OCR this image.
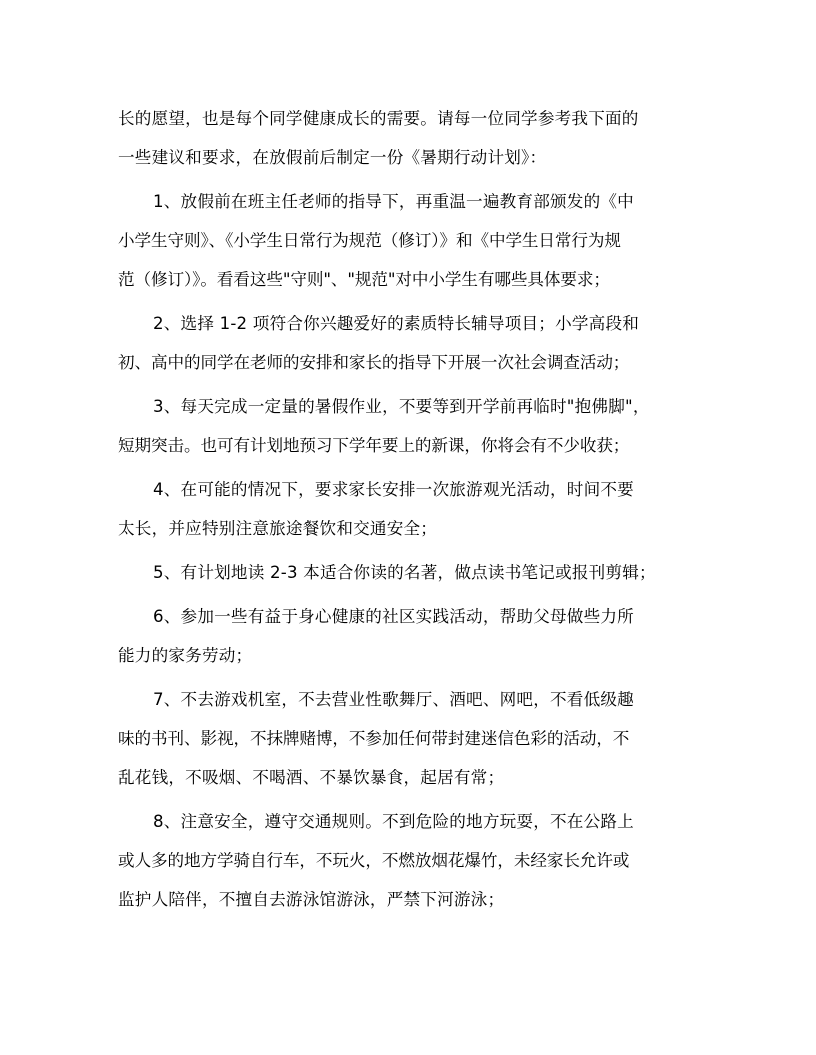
长的愿望，也是每个同学健康成长的需要。请每一位同学参考我下面的
一些建议和要求，在放假前后制定一份《暑期行动计划》：
1、放假前在班主任老师的指导下，再重温一遍教育部颁发的《中
小学生守则》、《小学生日常行为规范（修订）》和《中学生日常行为规
范（修订）》。看看这些"守则"、"规范"对中小学生有哪些具体要求；
2、选择 1-2 项符合你兴趣爱好的素质特长辅导项目；小学高段和
初、高中的同学在老师的安排和家长的指导下开展一次社会调查活动；
3、每天完成一定量的暑假作业，不要等到开学前再临时"抱佛脚"，
短期突击。也可有计划地预习下学年要上的新课，你将会有不少收获；
4、在可能的情况下，要求家长安排一次旅游观光活动，时间不要
太长，并应特别注意旅途餐饮和交通安全；
5、有计划地读 2-3 本适合你读的名著，做点读书笔记或报刊剪辑；
6、参加一些有益于身心健康的社区实践活动，帮助父母做些力所
能力的家务劳动；
7、不去游戏机室，不去营业性歌舞厅、酒吧、网吧，不看低级趣
味的书刊、影视，不抹牌赌博，不参加任何带封建迷信色彩的活动，不
乱花钱，不吸烟、不喝酒、不暴饮暴食，起居有常；
8、注意安全，遵守交通规则。不到危险的地方玩耍，不在公路上
或人多的地方学骑自行车，不玩火，不燃放烟花爆竹，未经家长允许或
监护人陪伴，不擅自去游泳馆游泳，严禁下河游泳；
